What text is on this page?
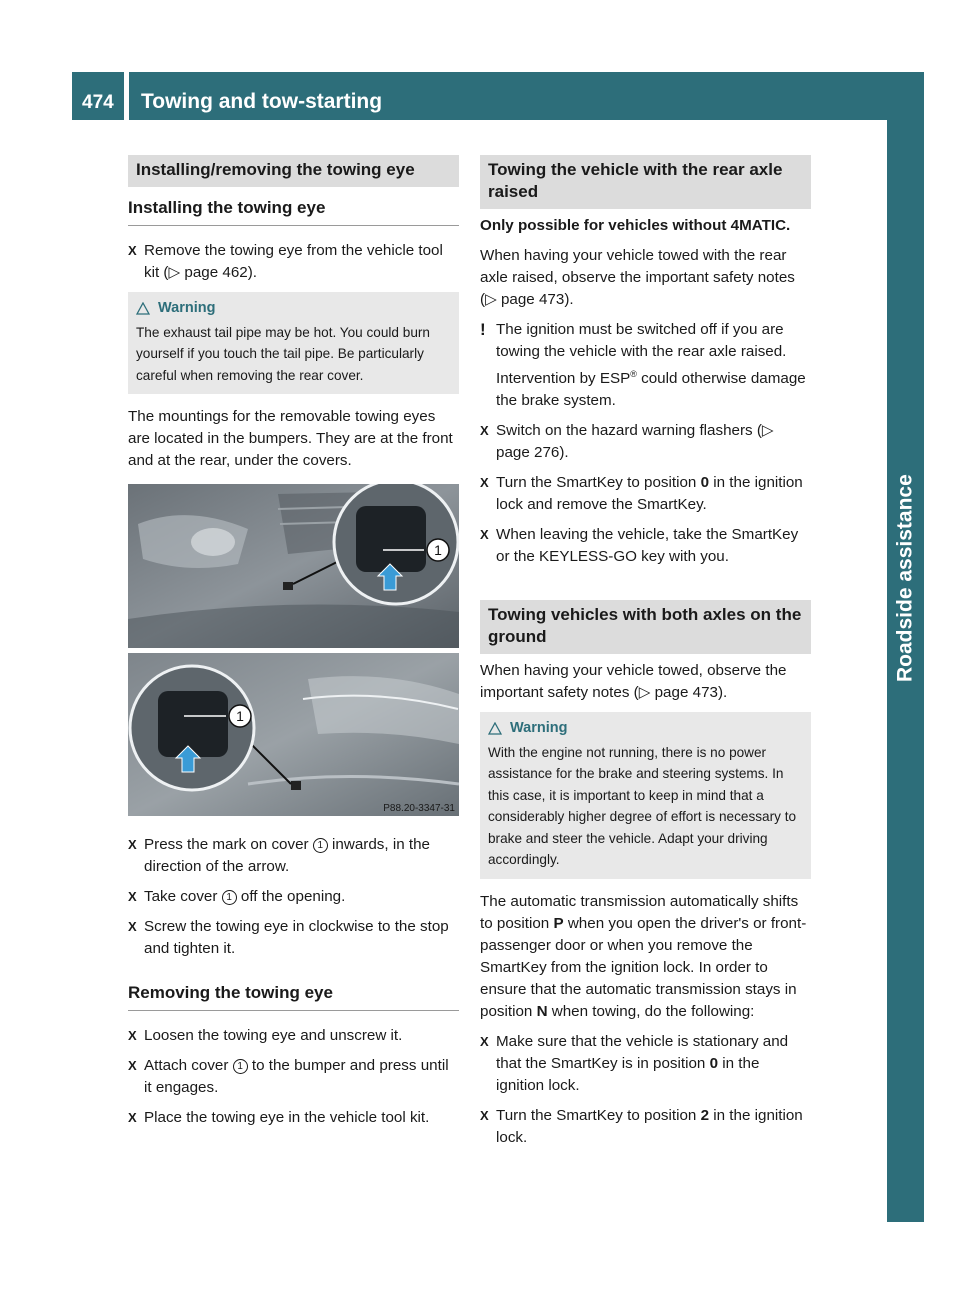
474	Towing and tow-starting
Roadside assistance
Installing/removing the towing eye
Installing the towing eye
X Remove the towing eye from the vehicle tool kit (▷ page 462).
Warning
The exhaust tail pipe may be hot. You could burn yourself if you touch the tail pipe. Be particularly careful when removing the rear cover.

The mountings for the removable towing eyes are located in the bumpers. They are at the front and at the rear, under the covers.

1
1
P88.20-3347-31
X Press the mark on cover 1 inwards, in the direction of the arrow.
X Take cover 1 off the opening.
X Screw the towing eye in clockwise to the stop and tighten it.
Removing the towing eye
X Loosen the towing eye and unscrew it.
X Attach cover 1 to the bumper and press until it engages.
X Place the towing eye in the vehicle tool kit.
Towing the vehicle with the rear axle raised

Only possible for vehicles without 4MATIC.

When having your vehicle towed with the rear axle raised, observe the important safety notes (▷ page 473).

! The ignition must be switched off if you are towing the vehicle with the rear axle raised. Intervention by ESP® could otherwise damage the brake system.
X Switch on the hazard warning flashers (▷ page 276).
X Turn the SmartKey to position 0 in the ignition lock and remove the SmartKey.
X When leaving the vehicle, take the SmartKey or the KEYLESS-GO key with you.
Towing vehicles with both axles on the ground

When having your vehicle towed, observe the important safety notes (▷ page 473).

Warning
With the engine not running, there is no power assistance for the brake and steering systems. In this case, it is important to keep in mind that a considerably higher degree of effort is necessary to brake and steer the vehicle. Adapt your driving accordingly.

The automatic transmission automatically shifts to position P when you open the driver's or front-passenger door or when you remove the SmartKey from the ignition lock. In order to ensure that the automatic transmission stays in position N when towing, do the following:

X Make sure that the vehicle is stationary and that the SmartKey is in position 0 in the ignition lock.
X Turn the SmartKey to position 2 in the ignition lock.
